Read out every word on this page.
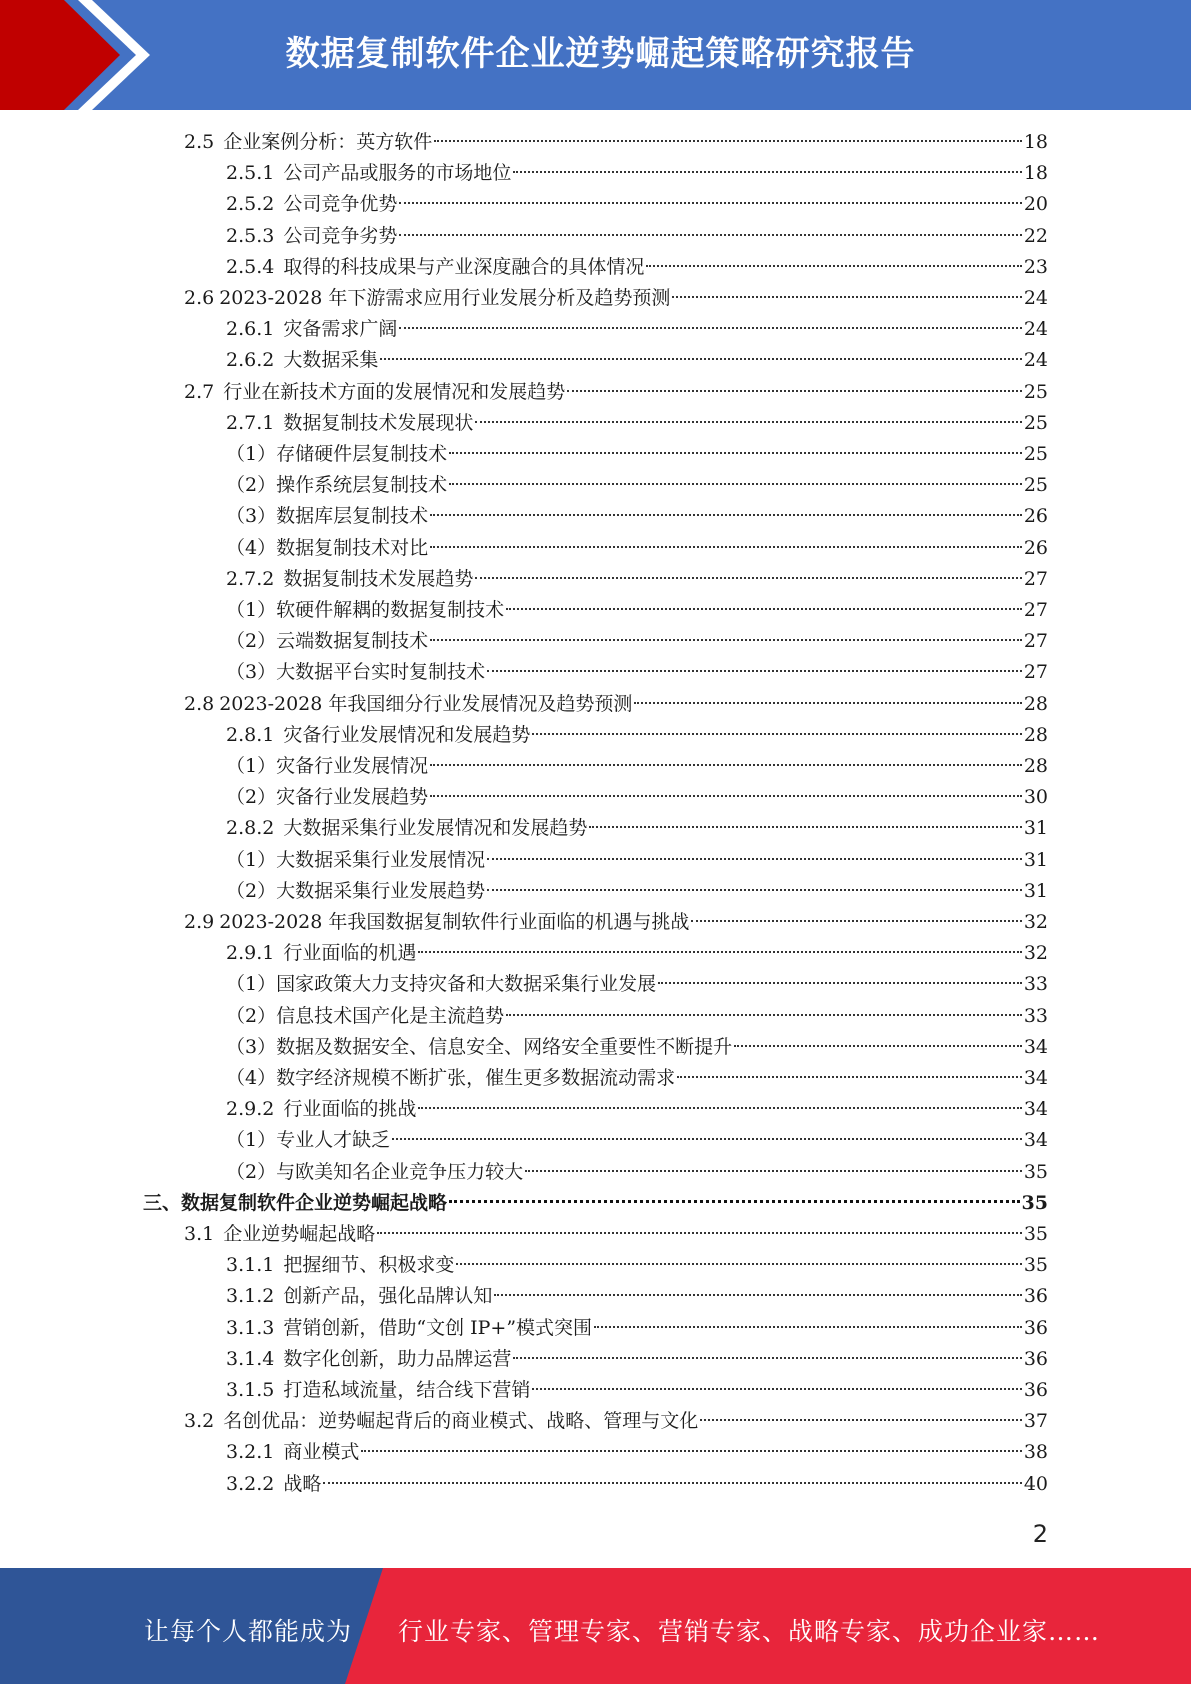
数据复制软件企业逆势崛起策略研究报告
2.5 企业案例分析：英方软件	18
2.5.1 公司产品或服务的市场地位	18
2.5.2 公司竞争优势	20
2.5.3 公司竞争劣势	22
2.5.4 取得的科技成果与产业深度融合的具体情况	23
2.6 2023-2028 年下游需求应用行业发展分析及趋势预测	24
2.6.1 灾备需求广阔	24
2.6.2 大数据采集	24
2.7 行业在新技术方面的发展情况和发展趋势	25
2.7.1 数据复制技术发展现状	25
（1） 存储硬件层复制技术	25
（2） 操作系统层复制技术	25
（3） 数据库层复制技术	26
（4） 数据复制技术对比	26
2.7.2 数据复制技术发展趋势	27
（1） 软硬件解耦的数据复制技术	27
（2） 云端数据复制技术	27
（3） 大数据平台实时复制技术	27
2.8 2023-2028 年我国细分行业发展情况及趋势预测	28
2.8.1 灾备行业发展情况和发展趋势	28
（1） 灾备行业发展情况	28
（2） 灾备行业发展趋势	30
2.8.2 大数据采集行业发展情况和发展趋势	31
（1） 大数据采集行业发展情况	31
（2） 大数据采集行业发展趋势	31
2.9 2023-2028 年我国数据复制软件行业面临的机遇与挑战	32
2.9.1 行业面临的机遇	32
（1） 国家政策大力支持灾备和大数据采集行业发展	33
（2） 信息技术国产化是主流趋势	33
（3） 数据及数据安全、信息安全、网络安全重要性不断提升	34
（4） 数字经济规模不断扩张，催生更多数据流动需求	34
2.9.2 行业面临的挑战	34
（1） 专业人才缺乏	34
（2） 与欧美知名企业竞争压力较大	35
三、 数据复制软件企业逆势崛起战略	35
3.1 企业逆势崛起战略	35
3.1.1 把握细节、积极求变	35
3.1.2 创新产品，强化品牌认知	36
3.1.3 营销创新，借助“文创 IP+”模式突围	36
3.1.4 数字化创新，助力品牌运营	36
3.1.5 打造私域流量，结合线下营销	36
3.2 名创优品：逆势崛起背后的商业模式、战略、管理与文化	37
3.2.1 商业模式	38
3.2.2 战略	40
2
让每个人都能成为 行业专家、管理专家、营销专家、战略专家、成功企业家……
